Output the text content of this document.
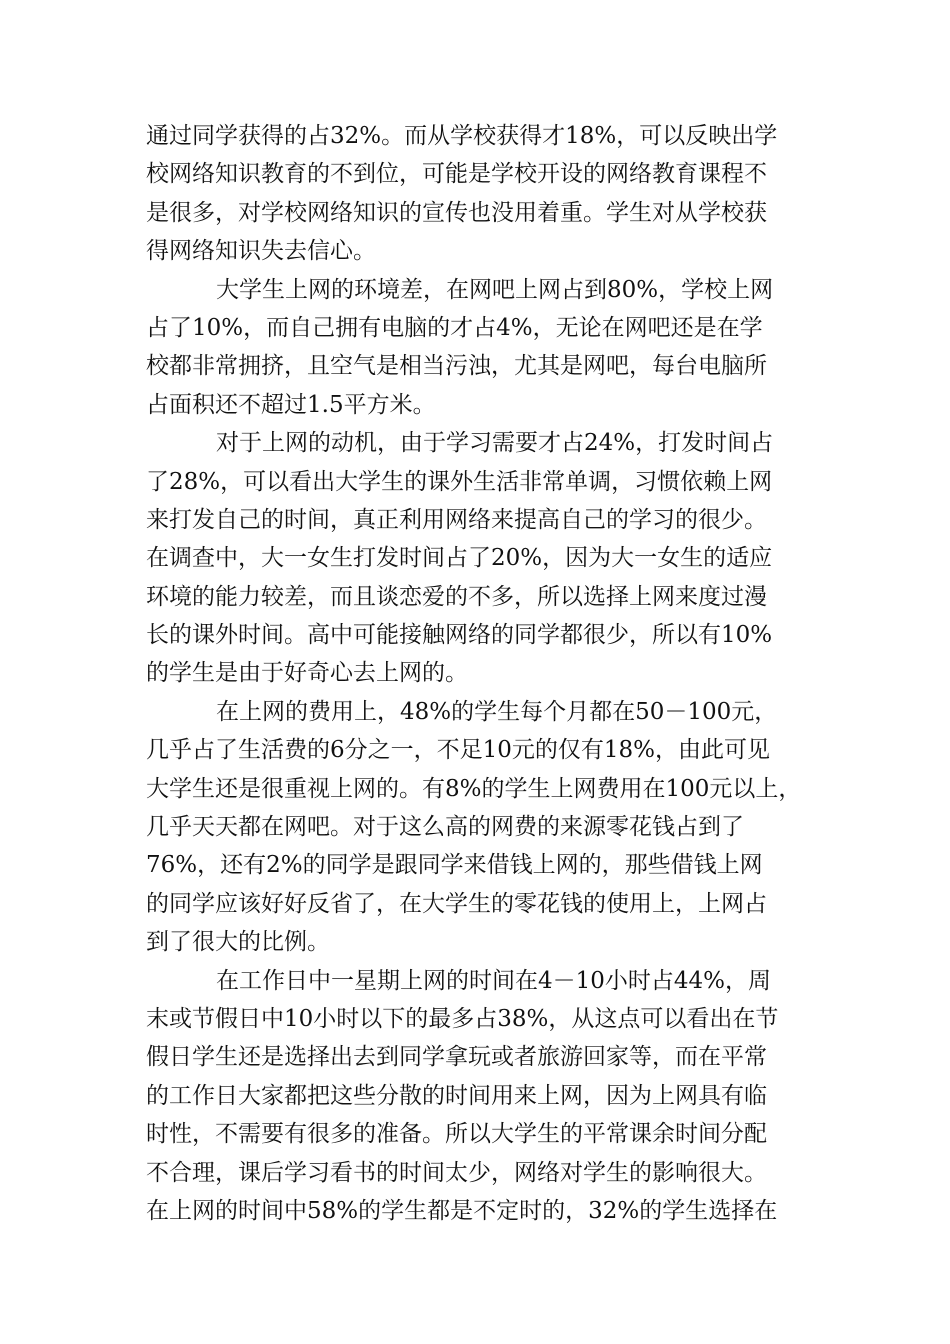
通过同学获得的占32%。而从学校获得才18%，可以反映出学
校网络知识教育的不到位，可能是学校开设的网络教育课程不
是很多，对学校网络知识的宣传也没用着重。学生对从学校获
得网络知识失去信心。
大学生上网的环境差，在网吧上网占到80%，学校上网
占了10%，而自己拥有电脑的才占4%，无论在网吧还是在学
校都非常拥挤，且空气是相当污浊，尤其是网吧，每台电脑所
占面积还不超过1.5平方米。
对于上网的动机，由于学习需要才占24%，打发时间占
了28%，可以看出大学生的课外生活非常单调，习惯依赖上网
来打发自己的时间，真正利用网络来提高自己的学习的很少。
在调查中，大一女生打发时间占了20%，因为大一女生的适应
环境的能力较差，而且谈恋爱的不多，所以选择上网来度过漫
长的课外时间。高中可能接触网络的同学都很少，所以有10%
的学生是由于好奇心去上网的。
在上网的费用上，48%的学生每个月都在50－100元，
几乎占了生活费的6分之一，不足10元的仅有18%，由此可见
大学生还是很重视上网的。有8%的学生上网费用在100元以上，
几乎天天都在网吧。对于这么高的网费的来源零花钱占到了
76%，还有2%的同学是跟同学来借钱上网的，那些借钱上网
的同学应该好好反省了，在大学生的零花钱的使用上，上网占
到了很大的比例。
在工作日中一星期上网的时间在4－10小时占44%，周
末或节假日中10小时以下的最多占38%，从这点可以看出在节
假日学生还是选择出去到同学拿玩或者旅游回家等，而在平常
的工作日大家都把这些分散的时间用来上网，因为上网具有临
时性，不需要有很多的准备。所以大学生的平常课余时间分配
不合理，课后学习看书的时间太少，网络对学生的影响很大。
在上网的时间中58%的学生都是不定时的，32%的学生选择在
